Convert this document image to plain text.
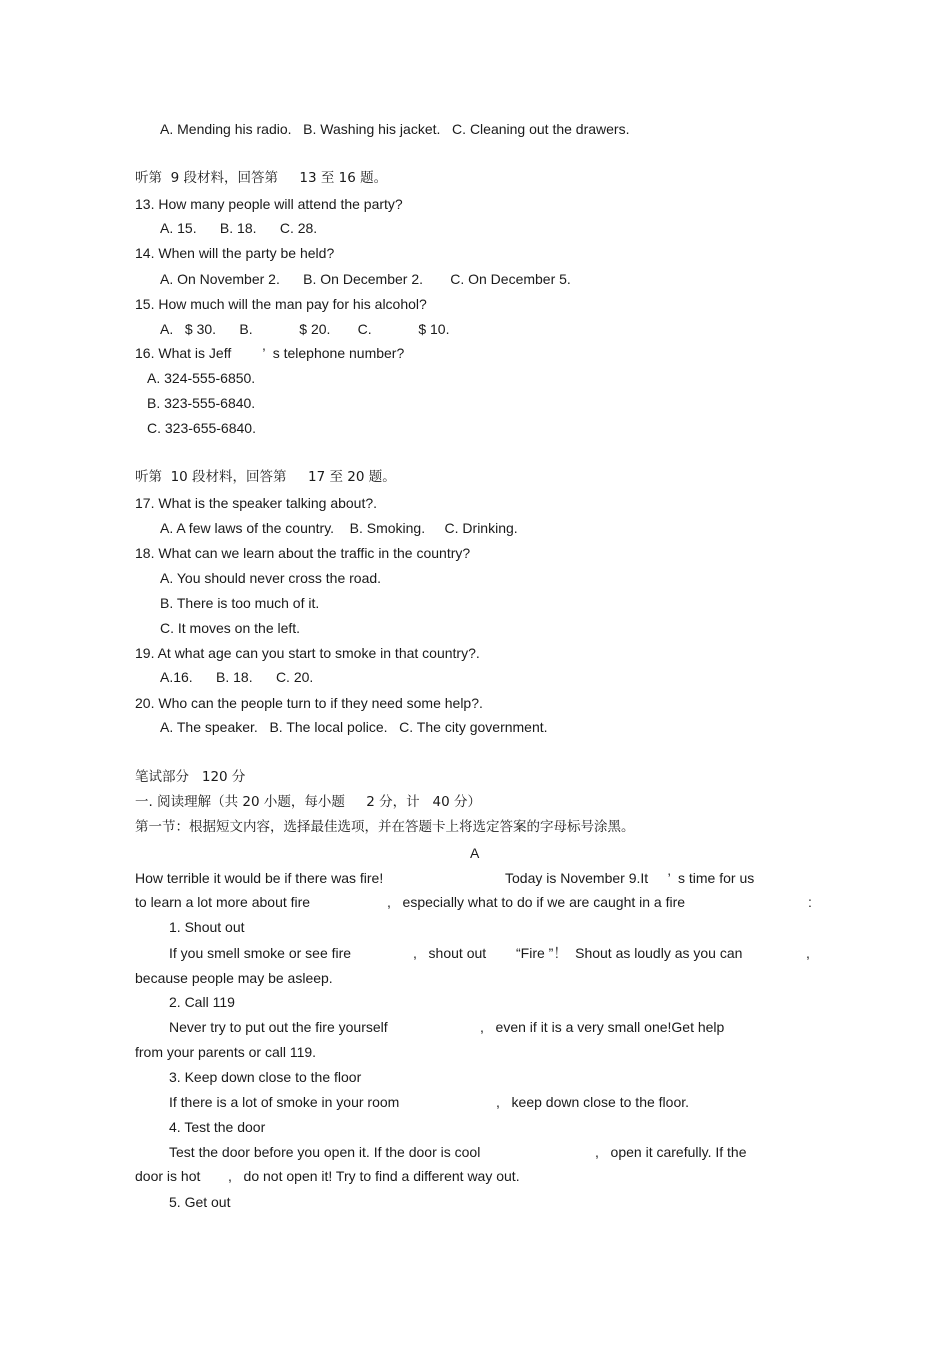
A. Mending his radio.   B. Washing his jacket.   C. Cleaning out the drawers.
听第  9 段材料，回答第     13 至 16 题。
13. How many people will attend the party?
A. 15.      B. 18.      C. 28.
14. When will the party be held?
A. On November 2.      B. On December 2.       C. On December 5.
15. How much will the man pay for his alcohol?
A.   $ 30.      B.            $ 20.       C.            $ 10.
16. What is Jeff        ’  s telephone number?
A. 324-555-6850.
B. 323-555-6840.
C. 323-655-6840.
听第  10 段材料，回答第     17 至 20 题。
17. What is the speaker talking about?.
A. A few laws of the country.    B. Smoking.     C. Drinking.
18. What can we learn about the traffic in the country?
A. You should never cross the road.
B. There is too much of it.
C. It moves on the left.
19. At what age can you start to smoke in that country?.
A.16.      B. 18.      C. 20.
20. Who can the people turn to if they need some help?.
A. The speaker.   B. The local police.   C. The city government.
笔试部分   120 分
一. 阅读理解（共 20 小题，每小题     2 分，计   40 分）
第一节：根据短文内容，选择最佳选项，并在答题卡上将选定答案的字母标号涂黑。
A
How terrible it would be if there was fire!	Today is November 9.It     ’  s time for us
to learn a lot more about fire	,   especially what to do if we are caught in a fire	:
1. Shout out
If you smell smoke or see fire	,   shout out “Fire ”！  Shout as loudly as you can	,
because people may be asleep.
2. Call 119
Never try to put out the fire yourself	,   even if it is a very small one!Get help
from your parents or call 119.
3. Keep down close to the floor
If there is a lot of smoke in your room	,   keep down close to the floor.
4. Test the door
Test the door before you open it. If the door is cool	,   open it carefully. If the
door is hot ,   do not open it! Try to find a different way out.
5. Get out
